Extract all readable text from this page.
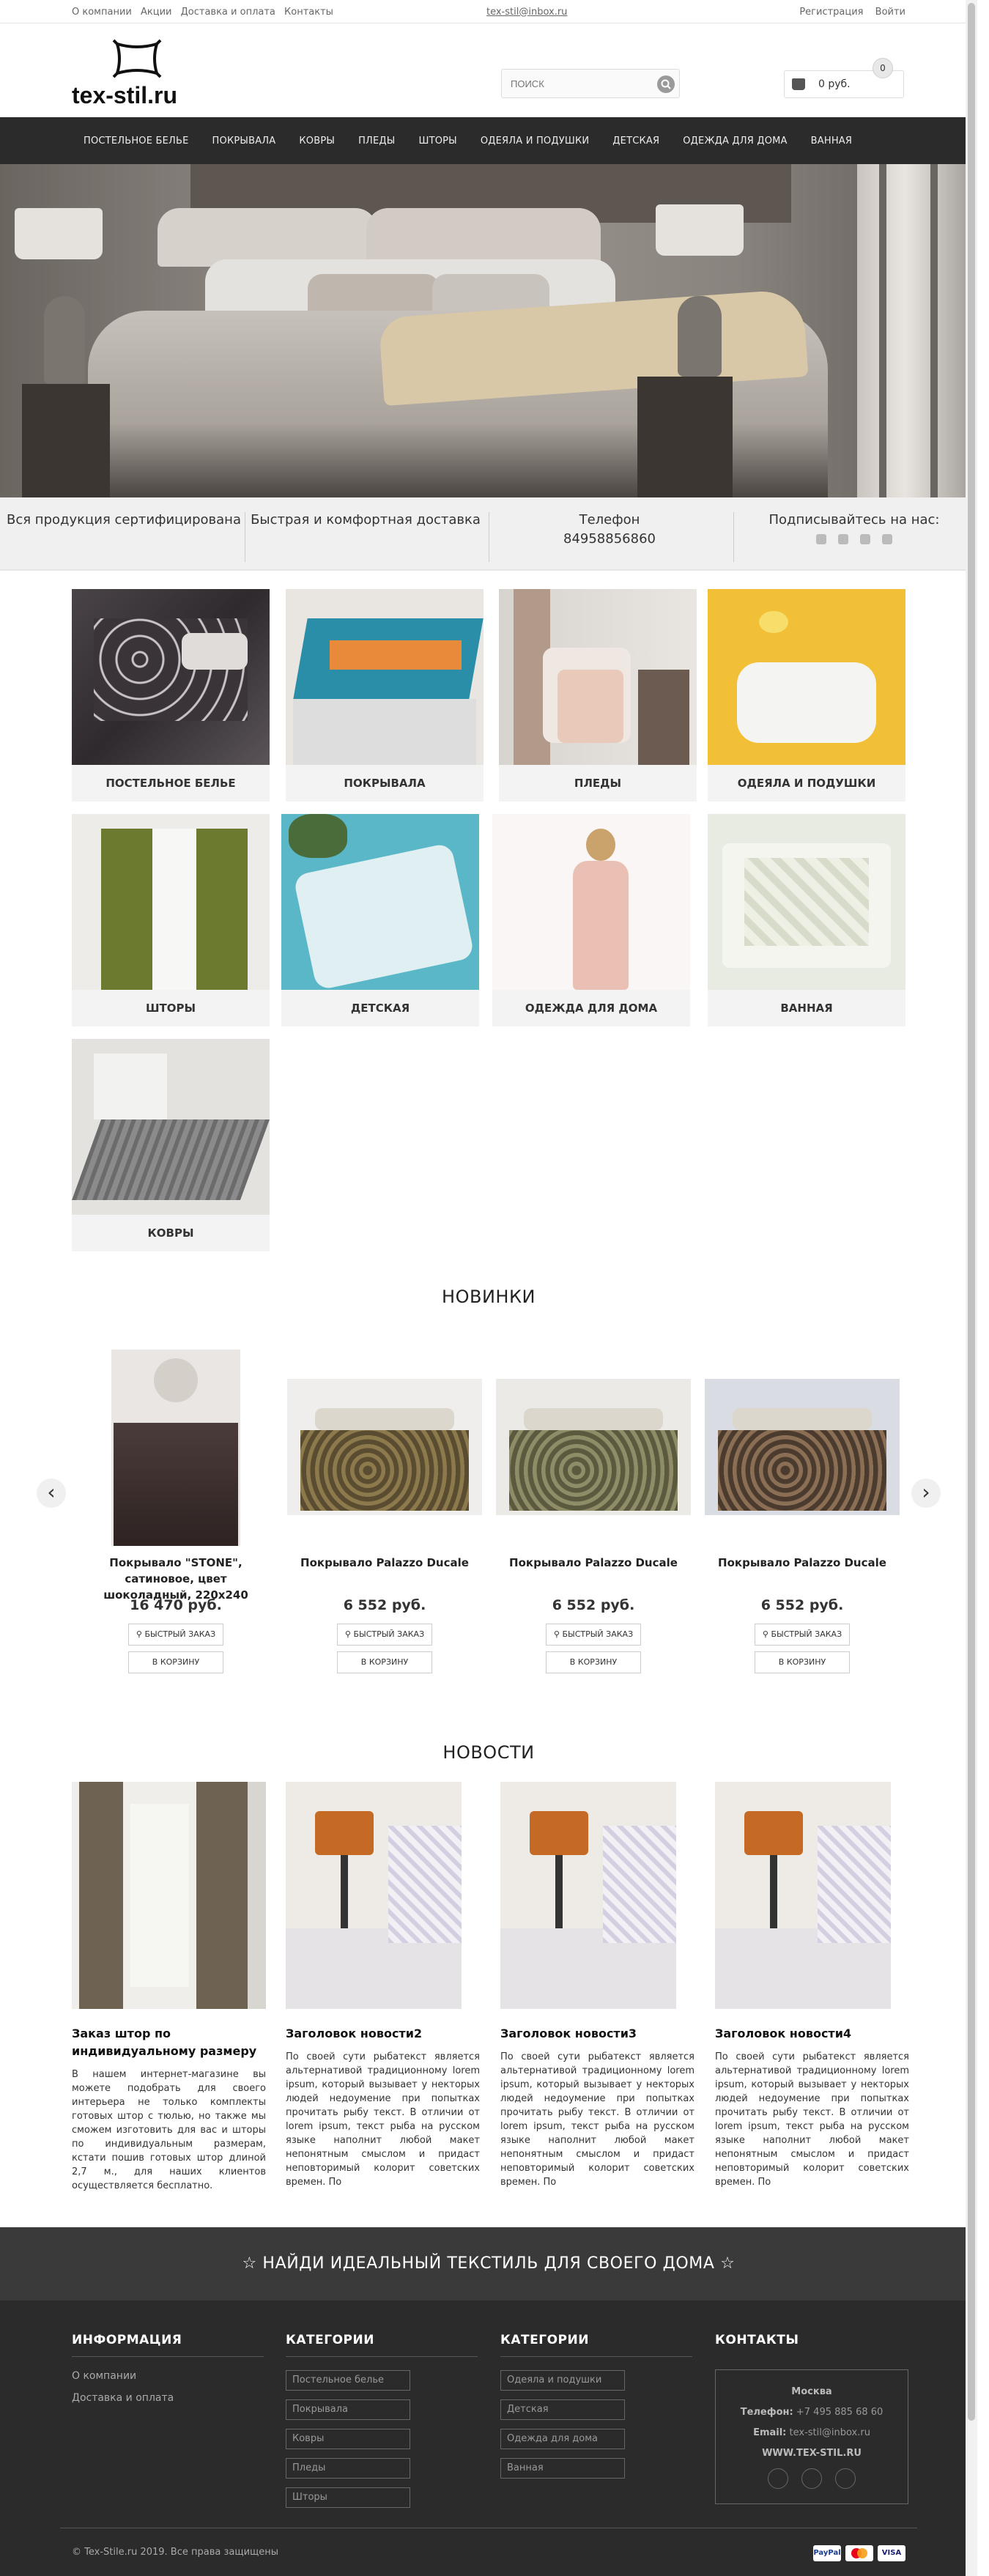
О компании Акции Доставка и оплата Контакты	tex-stil@inbox.ru	Регистрация Войти
tex-stil.ru
ПОИСК	0 руб.
0
ПОСТЕЛЬНОЕ БЕЛЬЕ	ПОКРЫВАЛА	КОВРЫ	ПЛЕДЫ	ШТОРЫ	ОДЕЯЛА И ПОДУШКИ	ДЕТСКАЯ	ОДЕЖДА ДЛЯ ДОМА	ВАННАЯ
Вся продукция сертифицирована Быстрая и комфортная доставка	Телефон
84958856860
Подписывайтесь на нас:
ПОСТЕЛЬНОЕ БЕЛЬЕ	ПОКРЫВАЛА	ПЛЕДЫ	ОДЕЯЛА И ПОДУШКИ
ШТОРЫ	ДЕТСКАЯ	ОДЕЖДА ДЛЯ ДОМА	ВАННАЯ
КОВРЫ
НОВИНКИ
‹	›
Покрывало "STONE", сатиновое, цвет шоколадный, 220х240
16 470 руб.
⚲ БЫСТРЫЙ ЗАКАЗ
В КОРЗИНУ
Покрывало Palazzo Ducale
6 552 руб.
⚲ БЫСТРЫЙ ЗАКАЗ
В КОРЗИНУ
Покрывало Palazzo Ducale
6 552 руб.
⚲ БЫСТРЫЙ ЗАКАЗ
В КОРЗИНУ
Покрывало Palazzo Ducale
6 552 руб.
⚲ БЫСТРЫЙ ЗАКАЗ
В КОРЗИНУ
НОВОСТИ
Заказ штор по индивидуальному размеру
В нашем интернет-магазине вы можете подобрать для своего интерьера не только комплекты готовых штор с тюлью, но также мы сможем изготовить для вас и шторы по индивидуальным размерам, кстати пошив готовых штор длиной 2,7 м., для наших клиентов осуществляется бесплатно.
Заголовок новости2
По своей сути рыбатекст является альтернативой традиционному lorem ipsum, который вызывает у некторых людей недоумение при попытках прочитать рыбу текст. В отличии от lorem ipsum, текст рыба на русском языке наполнит любой макет непонятным смыслом и придаст неповторимый колорит советских времен. По
Заголовок новости3
По своей сути рыбатекст является альтернативой традиционному lorem ipsum, который вызывает у некторых людей недоумение при попытках прочитать рыбу текст. В отличии от lorem ipsum, текст рыба на русском языке наполнит любой макет непонятным смыслом и придаст неповторимый колорит советских времен. По
Заголовок новости4
По своей сути рыбатекст является альтернативой традиционному lorem ipsum, который вызывает у некторых людей недоумение при попытках прочитать рыбу текст. В отличии от lorem ipsum, текст рыба на русском языке наполнит любой макет непонятным смыслом и придаст неповторимый колорит советских времен. По
☆ НАЙДИ ИДЕАЛЬНЫЙ ТЕКСТИЛЬ ДЛЯ СВОЕГО ДОМА ☆
ИНФОРМАЦИЯ
О компании
Доставка и оплата
КАТЕГОРИИ
Постельное белье
Покрывала
Ковры
Пледы
Шторы
КАТЕГОРИИ
Одеяла и подушки
Детская
Одежда для дома
Ванная
КОНТАКТЫ
Москва
Телефон: +7 495 885 68 60
Email: tex-stil@inbox.ru
WWW.TEX-STIL.RU
© Tex-Stile.ru 2019. Все права защищены	PayPal	VISA
